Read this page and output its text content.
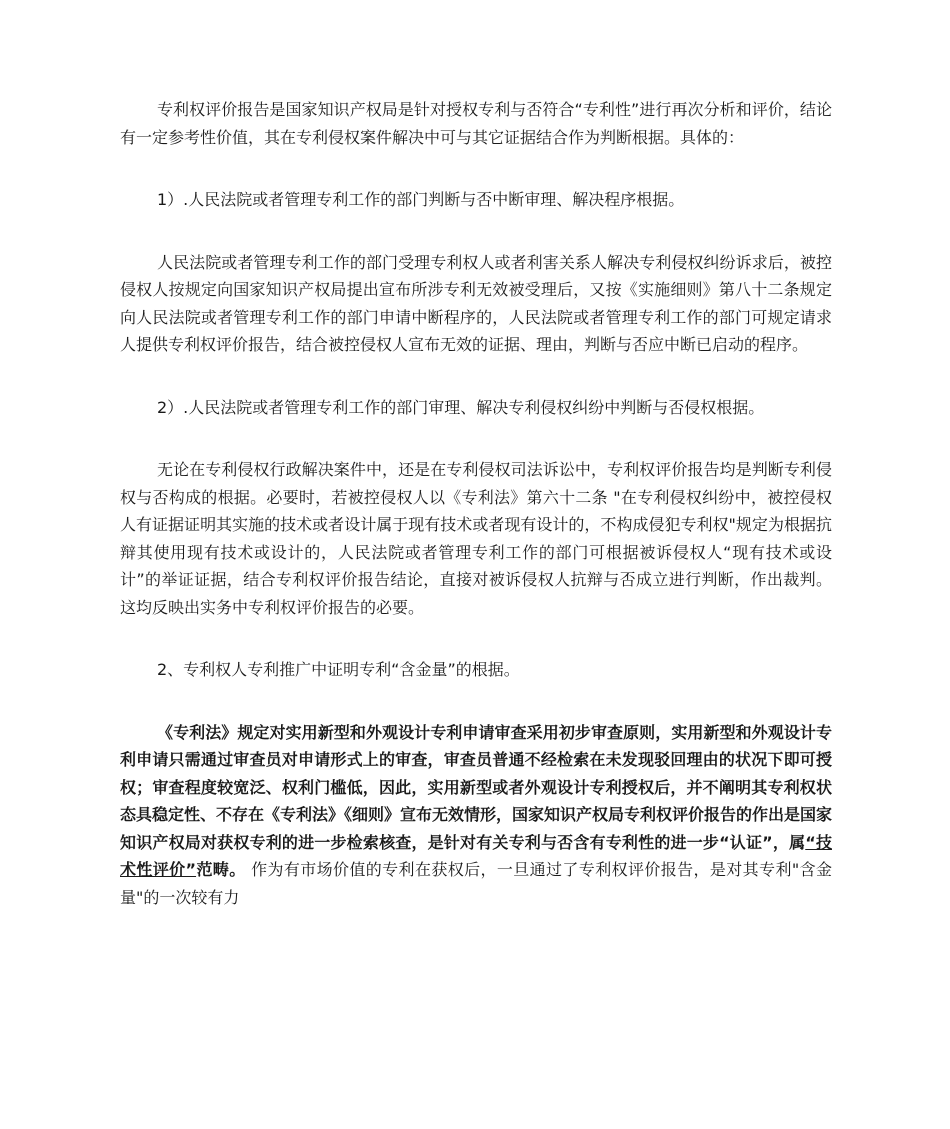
专利权评价报告是国家知识产权局是针对授权专利与否符合“专利性”进行再次分析和评价，结论有一定参考性价值，其在专利侵权案件解决中可与其它证据结合作为判断根据。具体的：

1）.人民法院或者管理专利工作的部门判断与否中断审理、解决程序根据。

人民法院或者管理专利工作的部门受理专利权人或者利害关系人解决专利侵权纠纷诉求后，被控侵权人按规定向国家知识产权局提出宣布所涉专利无效被受理后，又按《实施细则》第八十二条规定向人民法院或者管理专利工作的部门申请中断程序的，人民法院或者管理专利工作的部门可规定请求人提供专利权评价报告，结合被控侵权人宣布无效的证据、理由，判断与否应中断已启动的程序。

2）.人民法院或者管理专利工作的部门审理、解决专利侵权纠纷中判断与否侵权根据。

无论在专利侵权行政解决案件中，还是在专利侵权司法诉讼中，专利权评价报告均是判断专利侵权与否构成的根据。必要时，若被控侵权人以《专利法》第六十二条 "在专利侵权纠纷中，被控侵权人有证据证明其实施的技术或者设计属于现有技术或者现有设计的，不构成侵犯专利权"规定为根据抗辩其使用现有技术或设计的，人民法院或者管理专利工作的部门可根据被诉侵权人“现有技术或设计”的举证证据，结合专利权评价报告结论，直接对被诉侵权人抗辩与否成立进行判断，作出裁判。这均反映出实务中专利权评价报告的必要。

2、专利权人专利推广中证明专利“含金量”的根据。

《专利法》规定对实用新型和外观设计专利申请审查采用初步审查原则，实用新型和外观设计专利申请只需通过审查员对申请形式上的审查，审查员普通不经检索在未发现驳回理由的状况下即可授权；审查程度较宽泛、权利门槛低，因此，实用新型或者外观设计专利授权后，并不阐明其专利权状态具稳定性、不存在《专利法》《细则》宣布无效情形，国家知识产权局专利权评价报告的作出是国家知识产权局对获权专利的进一步检索核查，是针对有关专利与否含有专利性的进一步“认证”，属“技术性评价”范畴。 作为有市场价值的专利在获权后，一旦通过了专利权评价报告，是对其专利"含金量"的一次较有力
